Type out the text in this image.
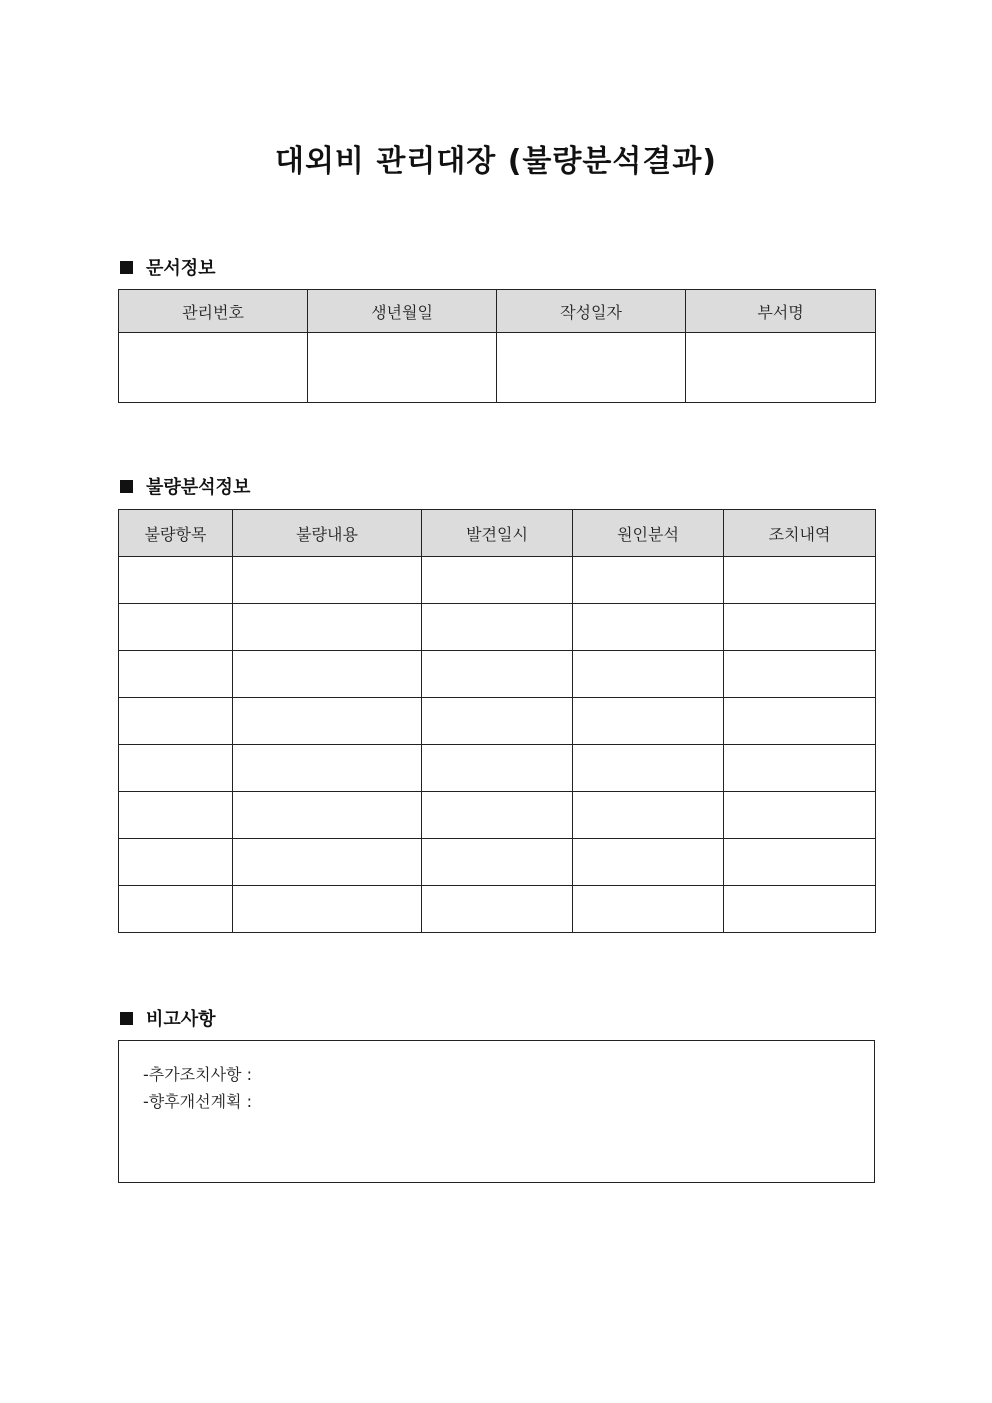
대외비 관리대장 (불량분석결과)
문서정보
관리번호	생년월일	작성일자	부서명

불량분석정보
불량항목	불량내용	발견일시	원인분석	조치내역

비고사항
-추가조치사항 :
-향후개선계획 :
